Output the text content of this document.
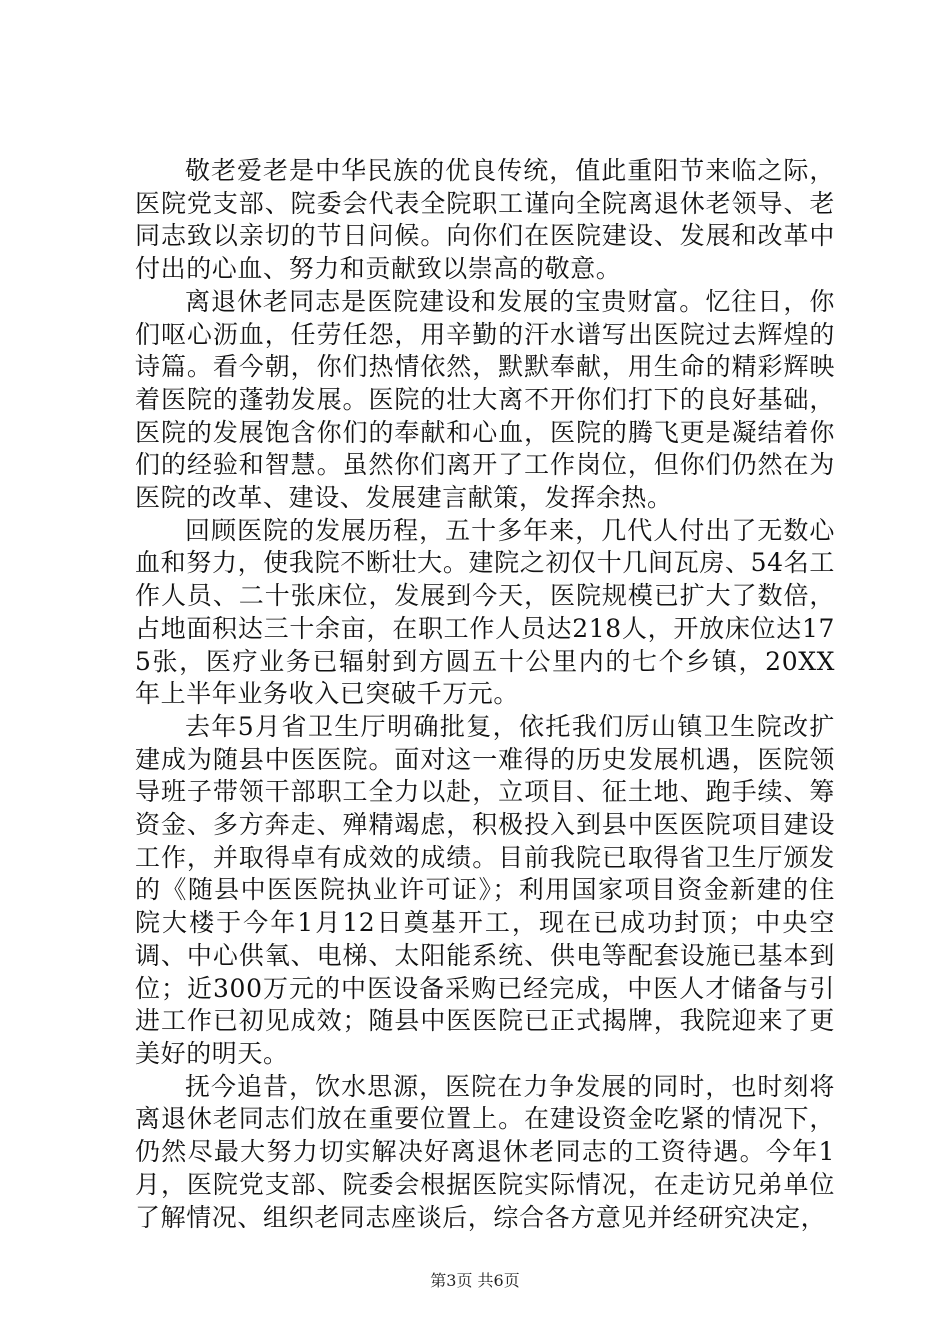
敬老爱老是中华民族的优良传统，值此重阳节来临之际，医院党支部、院委会代表全院职工谨向全院离退休老领导、老同志致以亲切的节日问候。向你们在医院建设、发展和改革中付出的心血、努力和贡献致以崇高的敬意。

离退休老同志是医院建设和发展的宝贵财富。忆往日，你们呕心沥血，任劳任怨，用辛勤的汗水谱写出医院过去辉煌的诗篇。看今朝，你们热情依然，默默奉献，用生命的精彩辉映着医院的蓬勃发展。医院的壮大离不开你们打下的良好基础，医院的发展饱含你们的奉献和心血，医院的腾飞更是凝结着你们的经验和智慧。虽然你们离开了工作岗位，但你们仍然在为医院的改革、建设、发展建言献策，发挥余热。

回顾医院的发展历程，五十多年来，几代人付出了无数心血和努力，使我院不断壮大。建院之初仅十几间瓦房、54名工作人员、二十张床位，发展到今天，医院规模已扩大了数倍，占地面积达三十余亩，在职工作人员达218人，开放床位达175张，医疗业务已辐射到方圆五十公里内的七个乡镇，20XX年上半年业务收入已突破千万元。

去年5月省卫生厅明确批复，依托我们厉山镇卫生院改扩建成为随县中医医院。面对这一难得的历史发展机遇，医院领导班子带领干部职工全力以赴，立项目、征土地、跑手续、筹资金、多方奔走、殚精竭虑，积极投入到县中医医院项目建设工作，并取得卓有成效的成绩。目前我院已取得省卫生厅颁发的《随县中医医院执业许可证》；利用国家项目资金新建的住院大楼于今年1月12日奠基开工，现在已成功封顶；中央空调、中心供氧、电梯、太阳能系统、供电等配套设施已基本到位；近300万元的中医设备采购已经完成，中医人才储备与引进工作已初见成效；随县中医医院已正式揭牌，我院迎来了更美好的明天。

抚今追昔，饮水思源，医院在力争发展的同时，也时刻将离退休老同志们放在重要位置上。在建设资金吃紧的情况下，仍然尽最大努力切实解决好离退休老同志的工资待遇。今年1月，医院党支部、院委会根据医院实际情况，在走访兄弟单位了解情况、组织老同志座谈后，综合各方意见并经研究决定，

第3页 共6页
